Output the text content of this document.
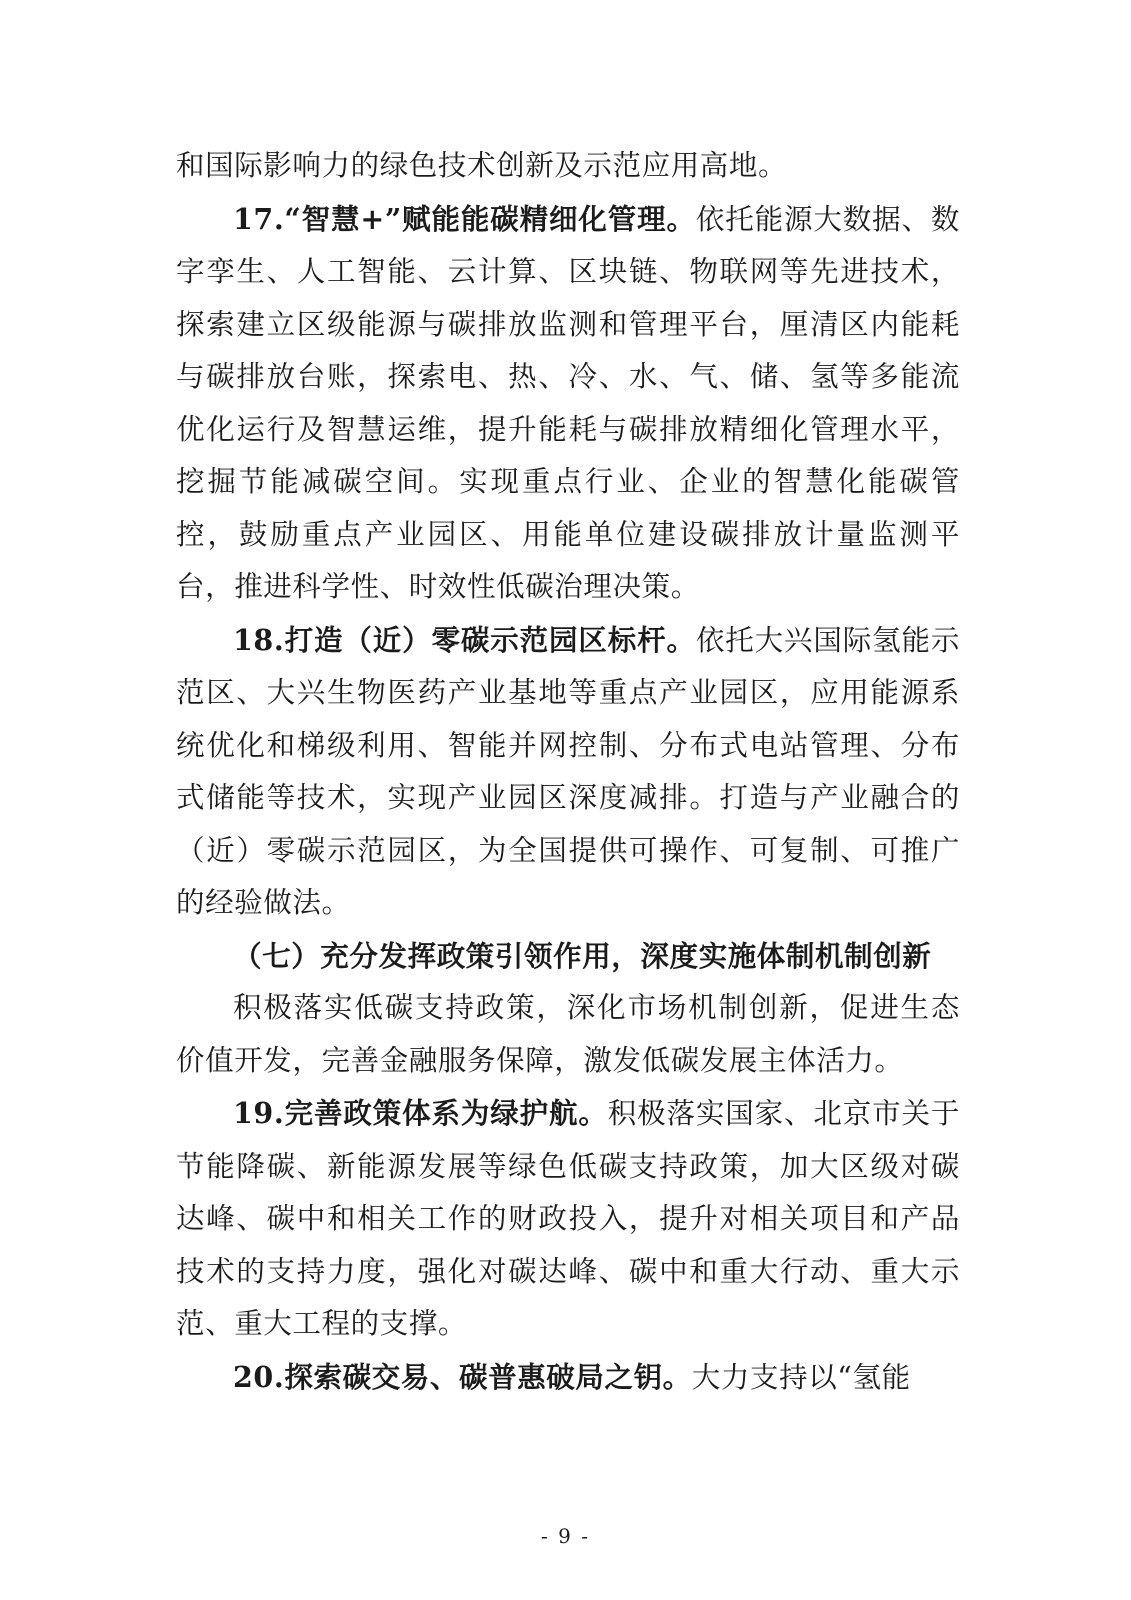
和国际影响力的绿色技术创新及示范应用高地。

17.“智慧+”赋能能碳精细化管理。依托能源大数据、数字孪生、人工智能、云计算、区块链、物联网等先进技术，探索建立区级能源与碳排放监测和管理平台，厘清区内能耗与碳排放台账，探索电、热、冷、水、气、储、氢等多能流优化运行及智慧运维，提升能耗与碳排放精细化管理水平，挖掘节能减碳空间。实现重点行业、企业的智慧化能碳管控，鼓励重点产业园区、用能单位建设碳排放计量监测平台，推进科学性、时效性低碳治理决策。

18.打造（近）零碳示范园区标杆。依托大兴国际氢能示范区、大兴生物医药产业基地等重点产业园区，应用能源系统优化和梯级利用、智能并网控制、分布式电站管理、分布式储能等技术，实现产业园区深度减排。打造与产业融合的（近）零碳示范园区，为全国提供可操作、可复制、可推广的经验做法。

（七）充分发挥政策引领作用，深度实施体制机制创新

积极落实低碳支持政策，深化市场机制创新，促进生态价值开发，完善金融服务保障，激发低碳发展主体活力。

19.完善政策体系为绿护航。积极落实国家、北京市关于节能降碳、新能源发展等绿色低碳支持政策，加大区级对碳达峰、碳中和相关工作的财政投入，提升对相关项目和产品技术的支持力度，强化对碳达峰、碳中和重大行动、重大示范、重大工程的支撑。

20.探索碳交易、碳普惠破局之钥。大力支持以“氢能

- 9 -
